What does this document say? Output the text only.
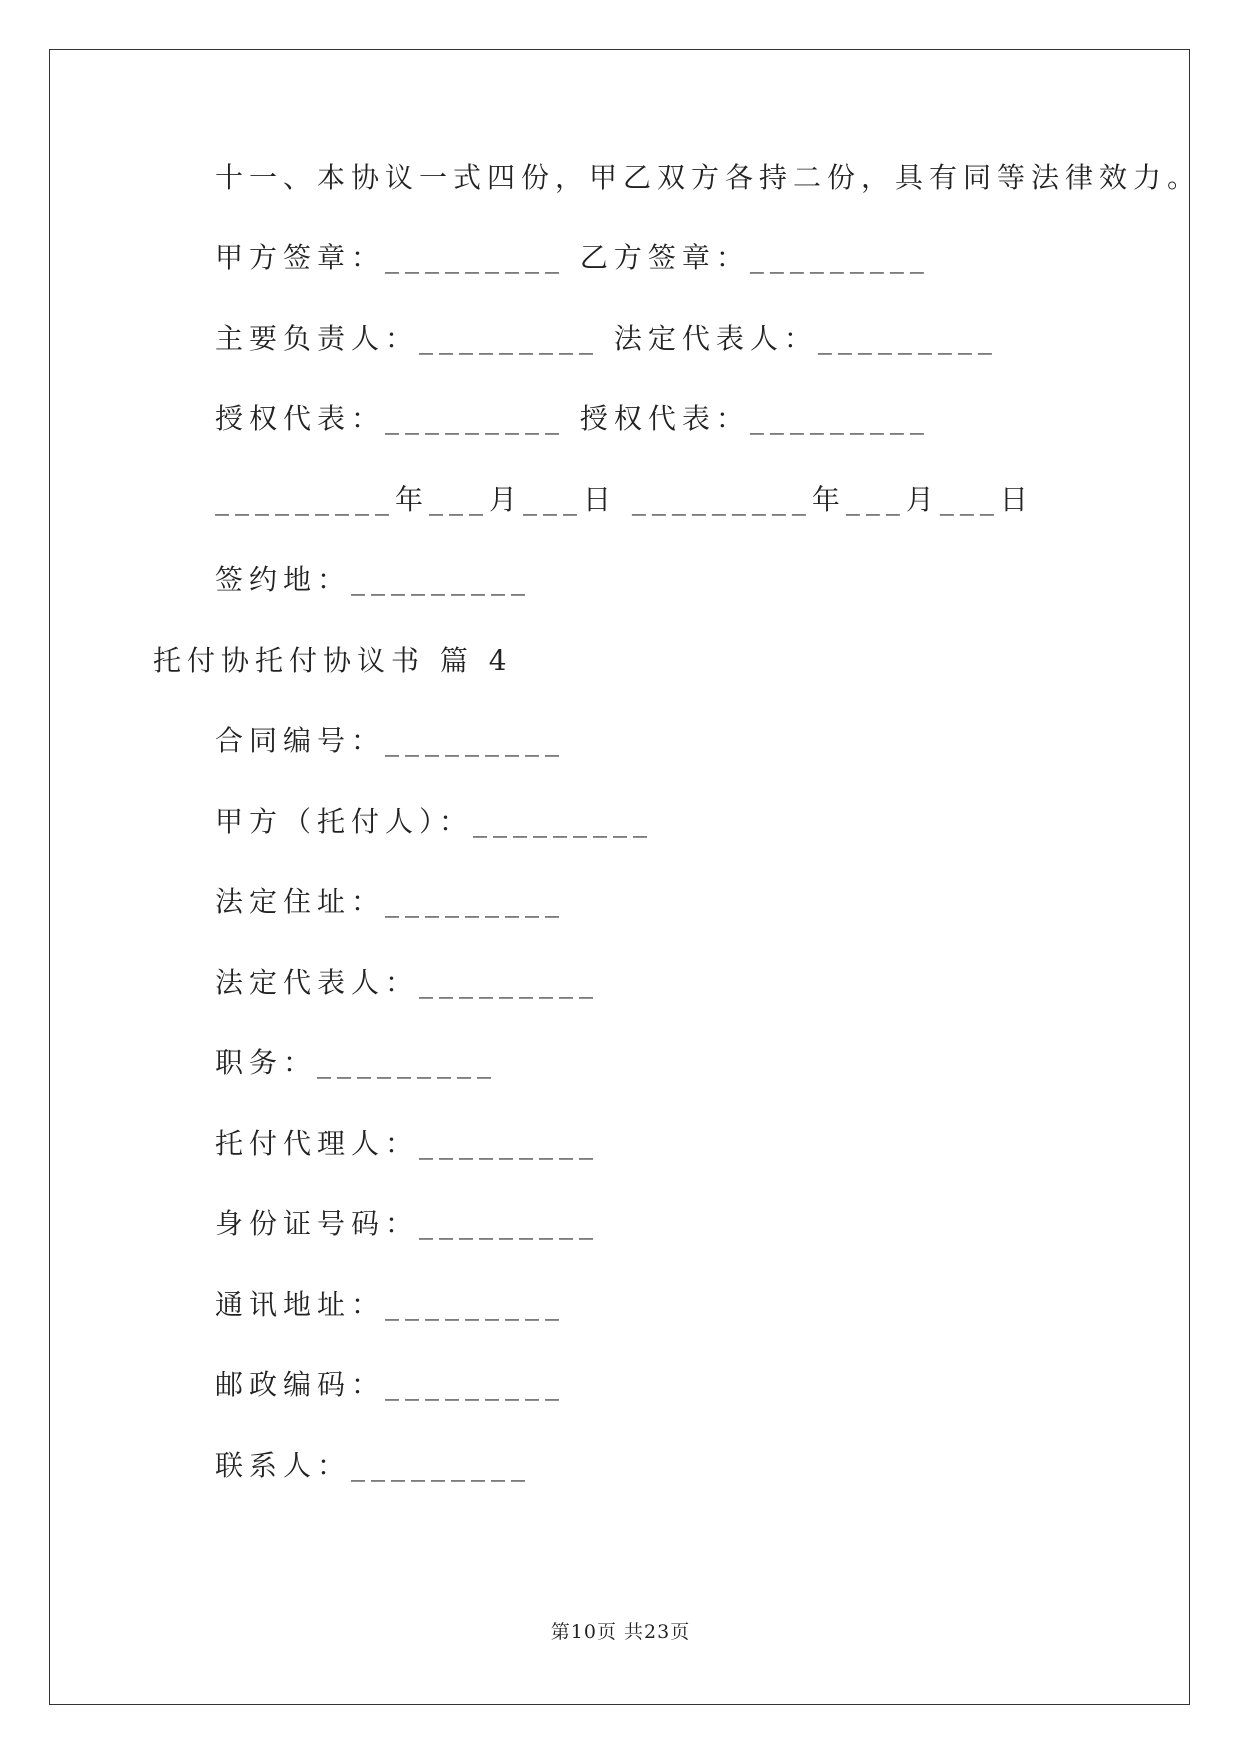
十一、本协议一式四份，甲乙双方各持二份，具有同等法律效力。
甲方签章：_________ 乙方签章：_________
主要负责人：_________ 法定代表人：_________
授权代表：_________ 授权代表：_________
_________年___月___日 _________年___月___日
签约地：_________
托付协托付协议书 篇 4
合同编号：_________
甲方（托付人）：_________
法定住址：_________
法定代表人：_________
职务：_________
托付代理人：_________
身份证号码：_________
通讯地址：_________
邮政编码：_________
联系人：_________
第10页 共23页
